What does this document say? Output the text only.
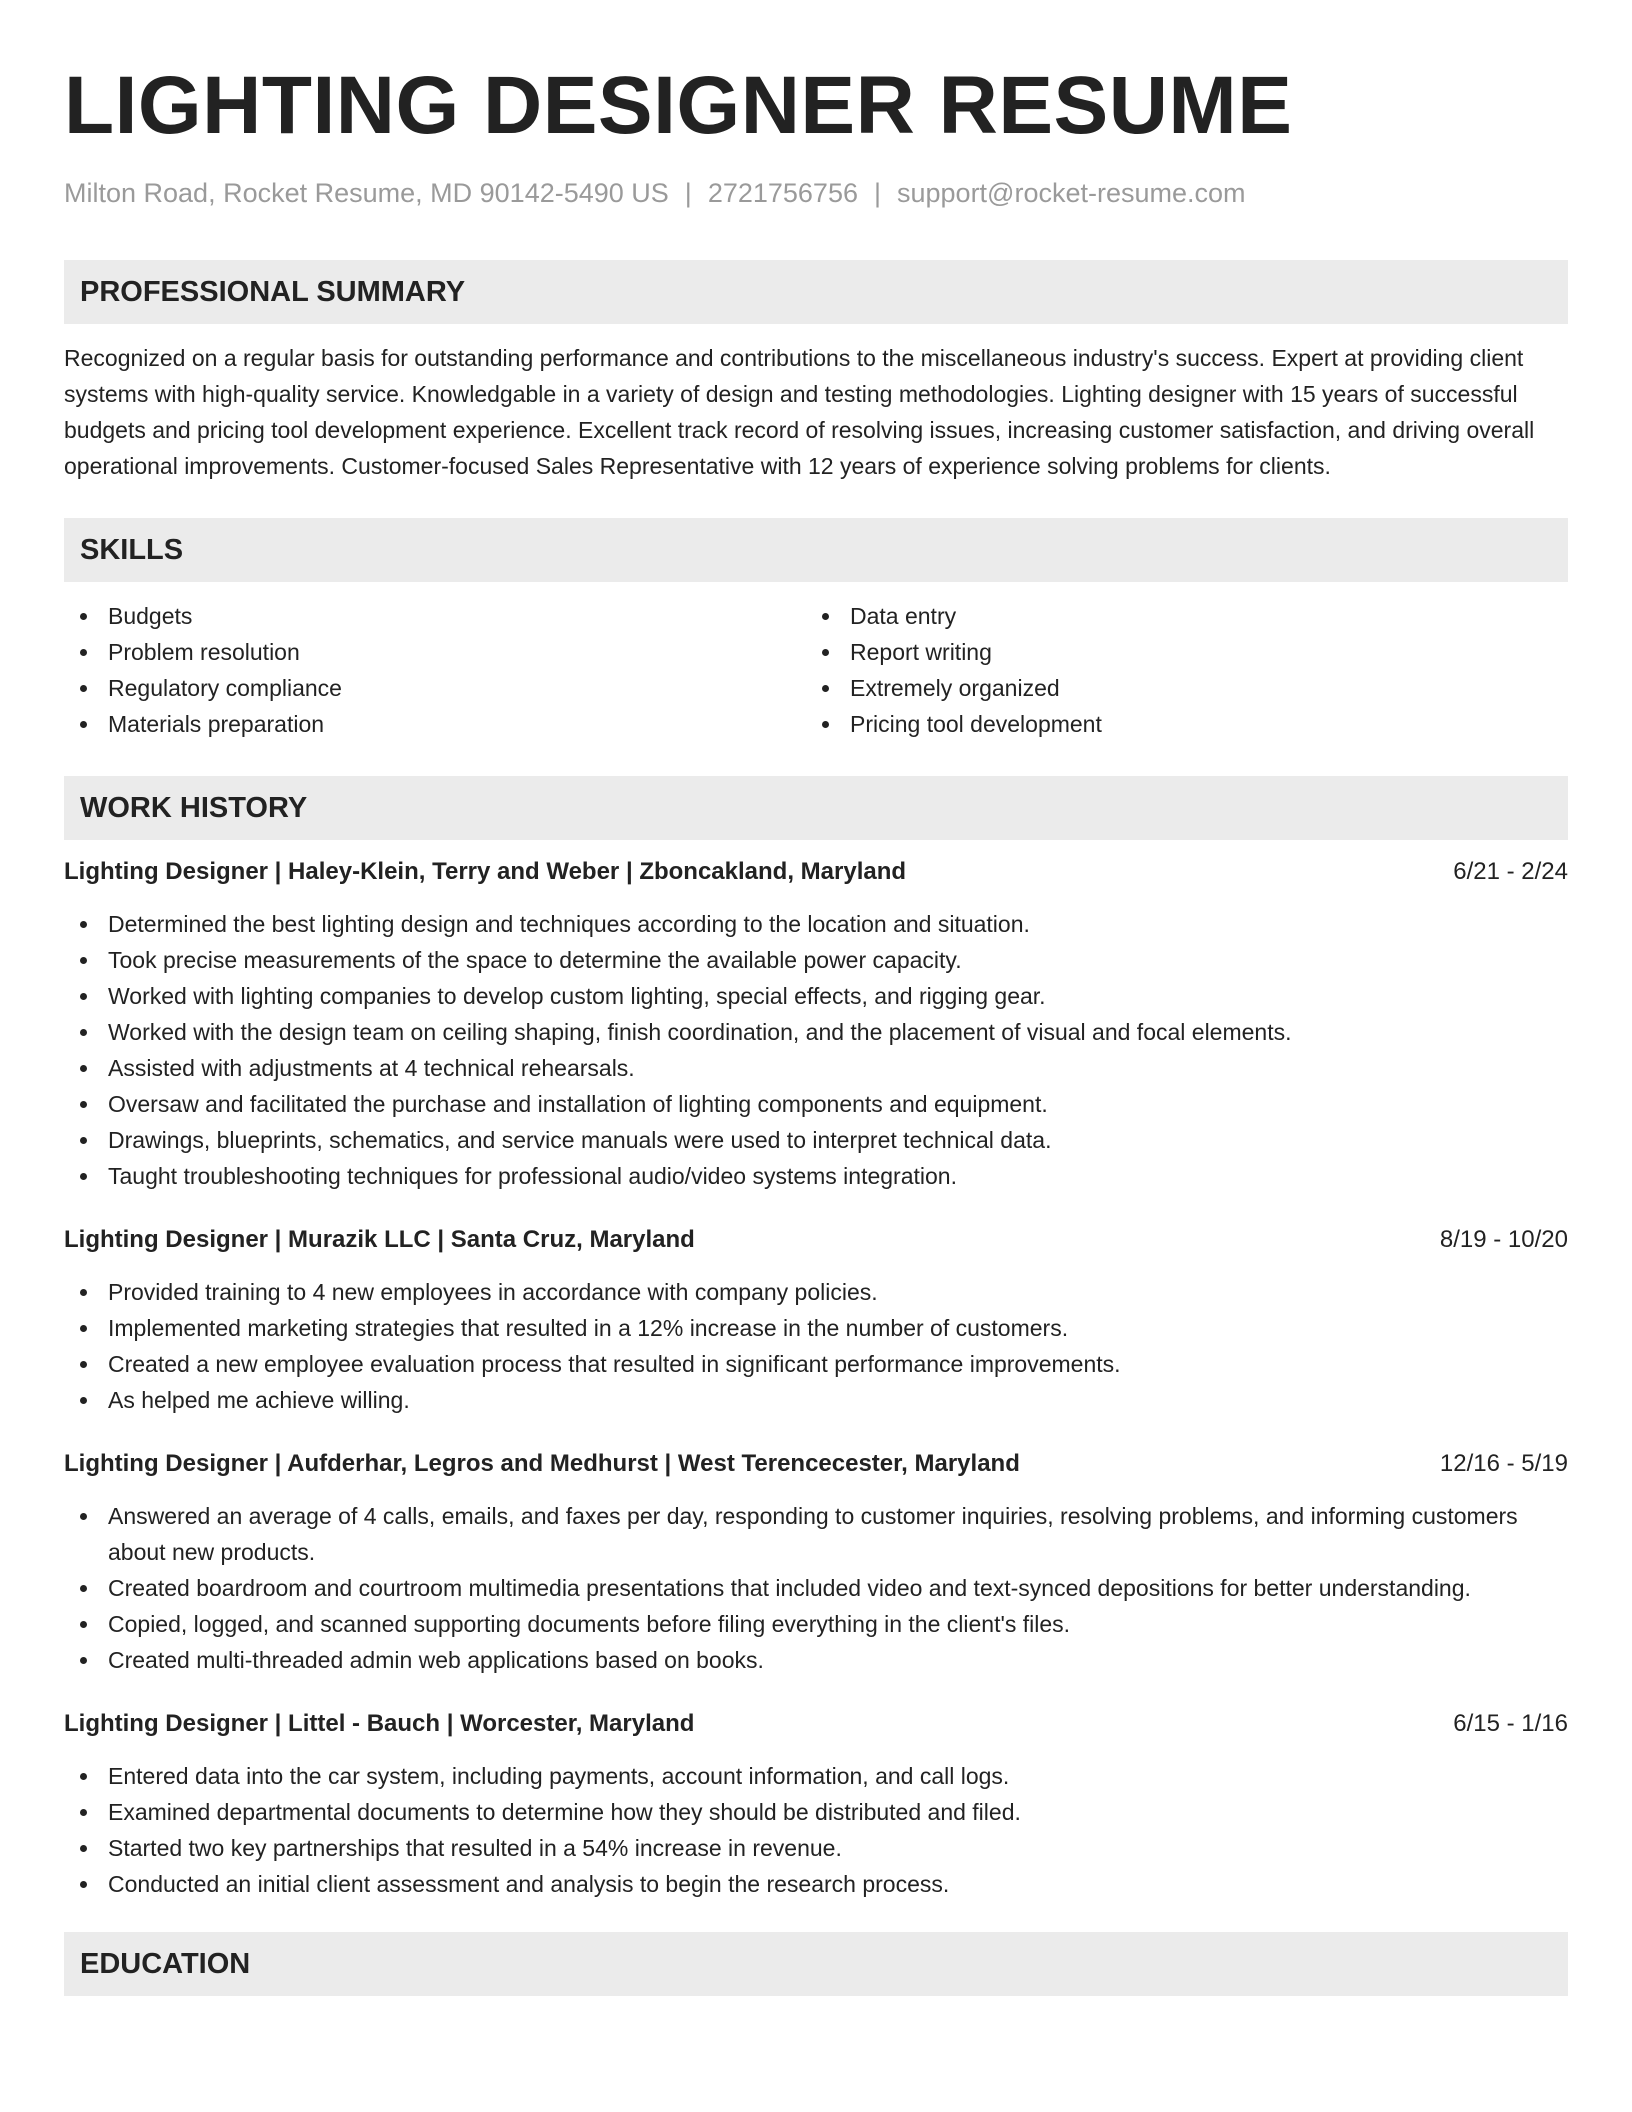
LIGHTING DESIGNER RESUME
Milton Road, Rocket Resume, MD 90142-5490 US | 2721756756 | support@rocket-resume.com
PROFESSIONAL SUMMARY

Recognized on a regular basis for outstanding performance and contributions to the miscellaneous industry's success. Expert at providing client systems with high-quality service. Knowledgable in a variety of design and testing methodologies. Lighting designer with 15 years of successful budgets and pricing tool development experience. Excellent track record of resolving issues, increasing customer satisfaction, and driving overall operational improvements. Customer-focused Sales Representative with 12 years of experience solving problems for clients.

SKILLS
Budgets
Problem resolution
Regulatory compliance
Materials preparation
Data entry
Report writing
Extremely organized
Pricing tool development
WORK HISTORY
Lighting Designer | Haley-Klein, Terry and Weber | Zboncakland, Maryland	6/21 - 2/24
Determined the best lighting design and techniques according to the location and situation.
Took precise measurements of the space to determine the available power capacity.
Worked with lighting companies to develop custom lighting, special effects, and rigging gear.
Worked with the design team on ceiling shaping, finish coordination, and the placement of visual and focal elements.
Assisted with adjustments at 4 technical rehearsals.
Oversaw and facilitated the purchase and installation of lighting components and equipment.
Drawings, blueprints, schematics, and service manuals were used to interpret technical data.
Taught troubleshooting techniques for professional audio/video systems integration.
Lighting Designer | Murazik LLC | Santa Cruz, Maryland	8/19 - 10/20
Provided training to 4 new employees in accordance with company policies.
Implemented marketing strategies that resulted in a 12% increase in the number of customers.
Created a new employee evaluation process that resulted in significant performance improvements.
As helped me achieve willing.
Lighting Designer | Aufderhar, Legros and Medhurst | West Terencecester, Maryland	12/16 - 5/19
Answered an average of 4 calls, emails, and faxes per day, responding to customer inquiries, resolving problems, and informing customers about new products.
Created boardroom and courtroom multimedia presentations that included video and text-synced depositions for better understanding.
Copied, logged, and scanned supporting documents before filing everything in the client's files.
Created multi-threaded admin web applications based on books.
Lighting Designer | Littel - Bauch | Worcester, Maryland	6/15 - 1/16
Entered data into the car system, including payments, account information, and call logs.
Examined departmental documents to determine how they should be distributed and filed.
Started two key partnerships that resulted in a 54% increase in revenue.
Conducted an initial client assessment and analysis to begin the research process.
EDUCATION
